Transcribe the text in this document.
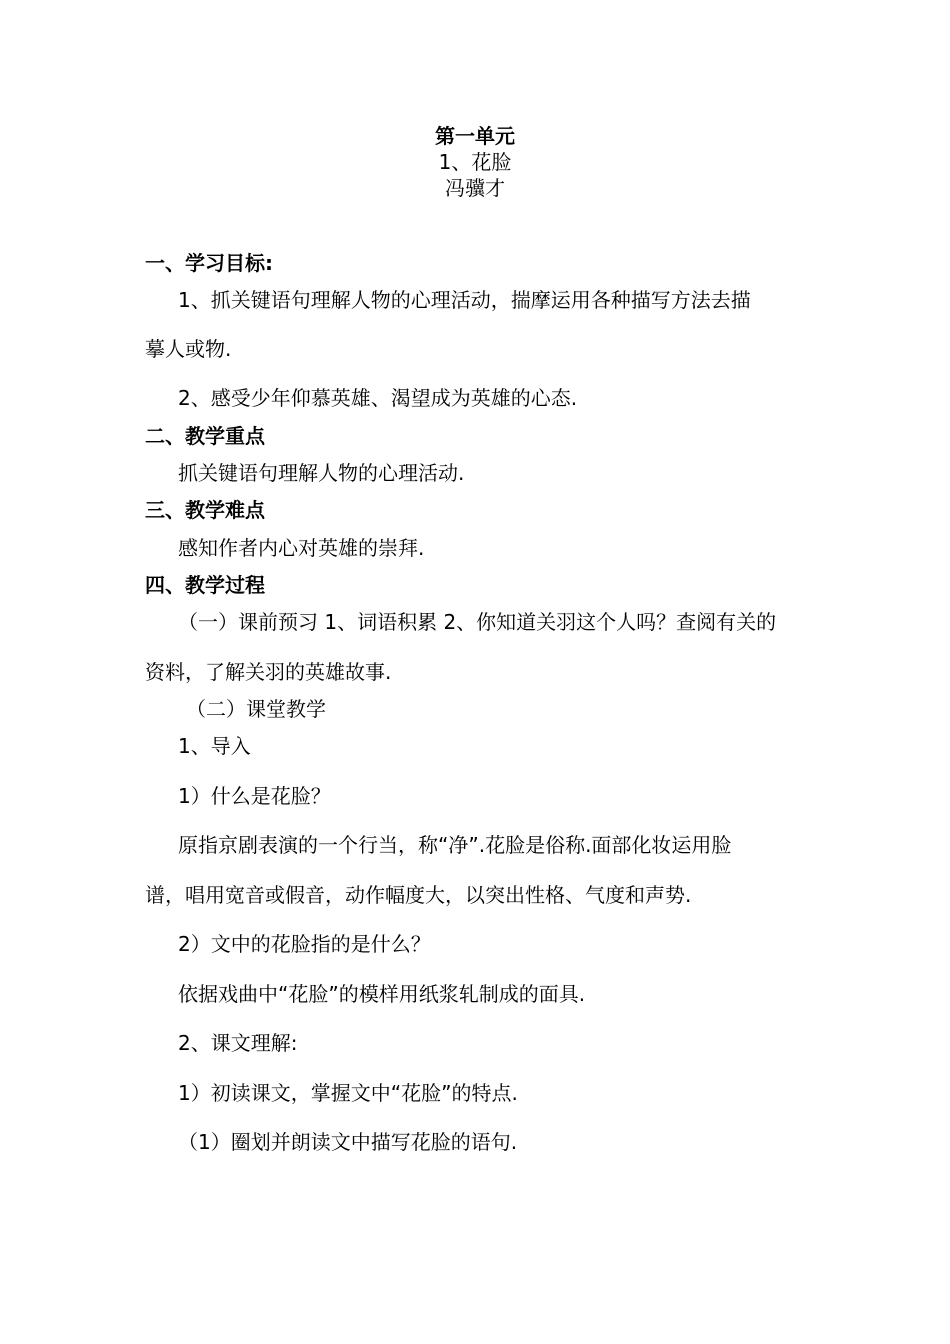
第一单元
1、花脸
冯骥才
一、学习目标:
1、抓关键语句理解人物的心理活动，揣摩运用各种描写方法去描
摹人或物.
2、感受少年仰慕英雄、渴望成为英雄的心态.
二、教学重点
抓关键语句理解人物的心理活动.
三、教学难点
感知作者内心对英雄的崇拜.
四、教学过程
（一）课前预习 1、词语积累 2、你知道关羽这个人吗？查阅有关的
资料，了解关羽的英雄故事.
（二）课堂教学
1、导入
1）什么是花脸？
原指京剧表演的一个行当，称“净”.花脸是俗称.面部化妆运用脸
谱，唱用宽音或假音，动作幅度大，以突出性格、气度和声势.
2）文中的花脸指的是什么？
依据戏曲中“花脸”的模样用纸浆轧制成的面具.
2、课文理解:
1）初读课文，掌握文中“花脸”的特点.
（1）圈划并朗读文中描写花脸的语句.
